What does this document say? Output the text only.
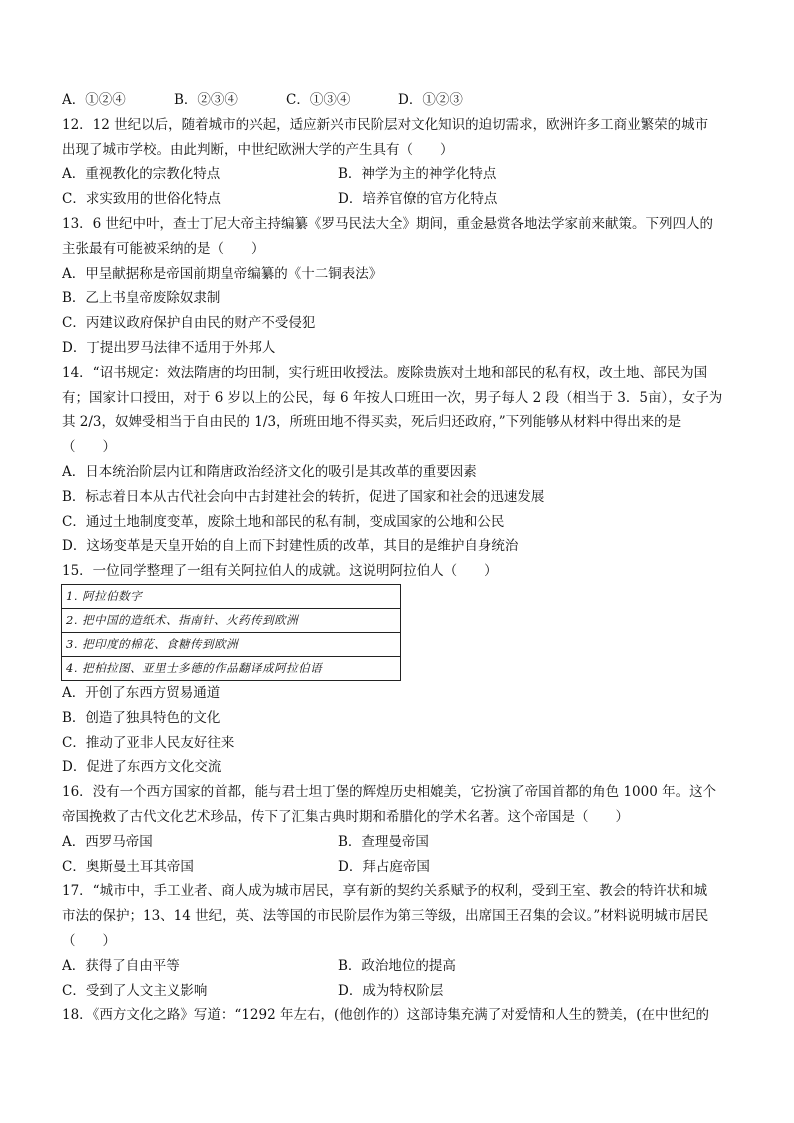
A．①②④	B．②③④	C．①③④	D．①②③
12．12 世纪以后，随着城市的兴起，适应新兴市民阶层对文化知识的迫切需求，欧洲许多工商业繁荣的城市
出现了城市学校。由此判断，中世纪欧洲大学的产生具有（　　）
A．重视教化的宗教化特点	B．神学为主的神学化特点
C．求实致用的世俗化特点	D．培养官僚的官方化特点
13．6 世纪中叶，查士丁尼大帝主持编纂《罗马民法大全》期间，重金悬赏各地法学家前来献策。下列四人的
主张最有可能被采纳的是（　　）
A．甲呈献据称是帝国前期皇帝编纂的《十二铜表法》
B．乙上书皇帝废除奴隶制
C．丙建议政府保护自由民的财产不受侵犯
D．丁提出罗马法律不适用于外邦人
14．“诏书规定：效法隋唐的均田制，实行班田收授法。废除贵族对土地和部民的私有权，改土地、部民为国
有；国家计口授田，对于 6 岁以上的公民，每 6 年按人口班田一次，男子每人 2 段（相当于 3．5亩），女子为
其 2/3，奴婢受相当于自由民的 1/3，所班田地不得买卖，死后归还政府，”下列能够从材料中得出来的是
（　　）
A．日本统治阶层内讧和隋唐政治经济文化的吸引是其改革的重要因素
B．标志着日本从古代社会向中古封建社会的转折，促进了国家和社会的迅速发展
C．通过土地制度变革，废除土地和部民的私有制，变成国家的公地和公民
D．这场变革是天皇开始的自上而下封建性质的改革，其目的是维护自身统治
15．一位同学整理了一组有关阿拉伯人的成就。这说明阿拉伯人（　　）
1. 阿拉伯数字
2. 把中国的造纸术、指南针、火药传到欧洲
3. 把印度的棉花、食糖传到欧洲
4. 把柏拉图、亚里士多德的作品翻译成阿拉伯语
A．开创了东西方贸易通道
B．创造了独具特色的文化
C．推动了亚非人民友好往来
D．促进了东西方文化交流
16．没有一个西方国家的首都，能与君士坦丁堡的辉煌历史相媲美，它扮演了帝国首都的角色 1000 年。这个
帝国挽救了古代文化艺术珍品，传下了汇集古典时期和希腊化的学术名著。这个帝国是（　　）
A．西罗马帝国	B．查理曼帝国
C．奥斯曼土耳其帝国	D．拜占庭帝国
17．“城市中，手工业者、商人成为城市居民，享有新的契约关系赋予的权利，受到王室、教会的特许状和城
市法的保护；13、14 世纪，英、法等国的市民阶层作为第三等级，出席国王召集的会议。”材料说明城市居民
（　　）
A．获得了自由平等	B．政治地位的提高
C．受到了人文主义影响	D．成为特权阶层
18．《西方文化之路》写道：“1292 年左右，(他创作的）这部诗集充满了对爱情和人生的赞美，(在中世纪的
